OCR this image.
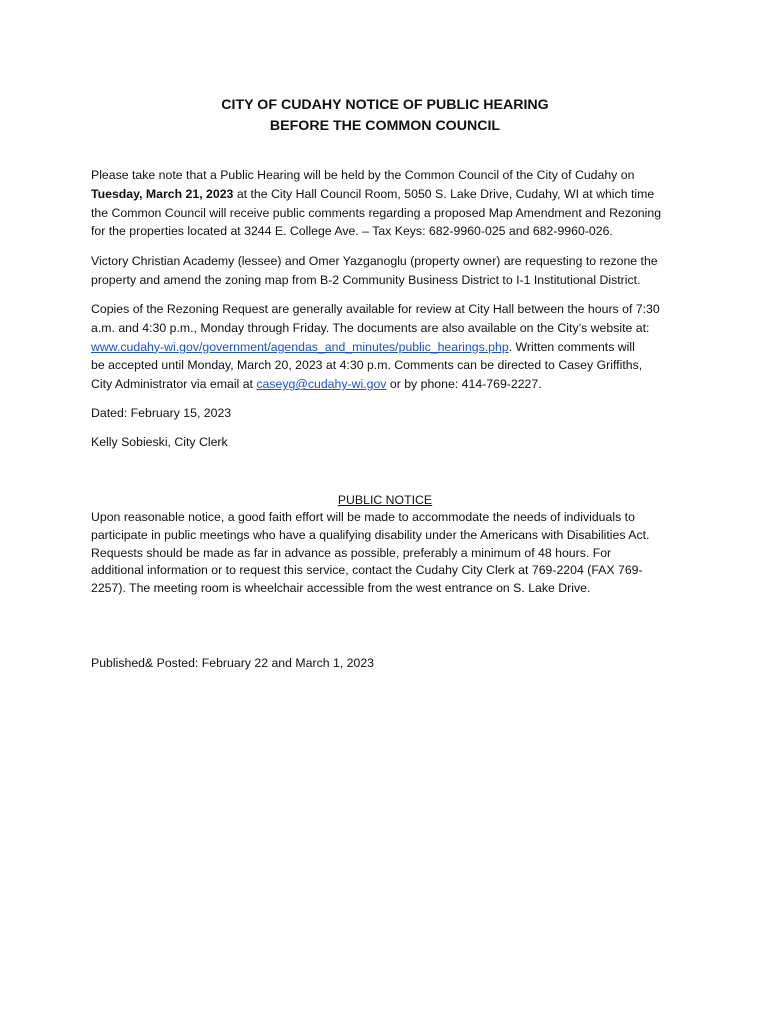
CITY OF CUDAHY NOTICE OF PUBLIC HEARING
BEFORE THE COMMON COUNCIL
Please take note that a Public Hearing will be held by the Common Council of the City of Cudahy on
Tuesday, March 21, 2023 at the City Hall Council Room, 5050 S. Lake Drive, Cudahy, WI at which time
the Common Council will receive public comments regarding a proposed Map Amendment and Rezoning
for the properties located at 3244 E. College Ave. – Tax Keys: 682-9960-025 and 682-9960-026.
Victory Christian Academy (lessee) and Omer Yazganoglu (property owner) are requesting to rezone the
property and amend the zoning map from B-2 Community Business District to I-1 Institutional District.
Copies of the Rezoning Request are generally available for review at City Hall between the hours of 7:30
a.m. and 4:30 p.m., Monday through Friday. The documents are also available on the City’s website at:
www.cudahy-wi.gov/government/agendas_and_minutes/public_hearings.php. Written comments will
be accepted until Monday, March 20, 2023 at 4:30 p.m. Comments can be directed to Casey Griffiths,
City Administrator via email at caseyg@cudahy-wi.gov or by phone: 414-769-2227.
Dated: February 15, 2023
Kelly Sobieski, City Clerk
PUBLIC NOTICE
Upon reasonable notice, a good faith effort will be made to accommodate the needs of individuals to
participate in public meetings who have a qualifying disability under the Americans with Disabilities Act.
Requests should be made as far in advance as possible, preferably a minimum of 48 hours. For
additional information or to request this service, contact the Cudahy City Clerk at 769-2204 (FAX 769-
2257). The meeting room is wheelchair accessible from the west entrance on S. Lake Drive.
Published& Posted: February 22 and March 1, 2023
